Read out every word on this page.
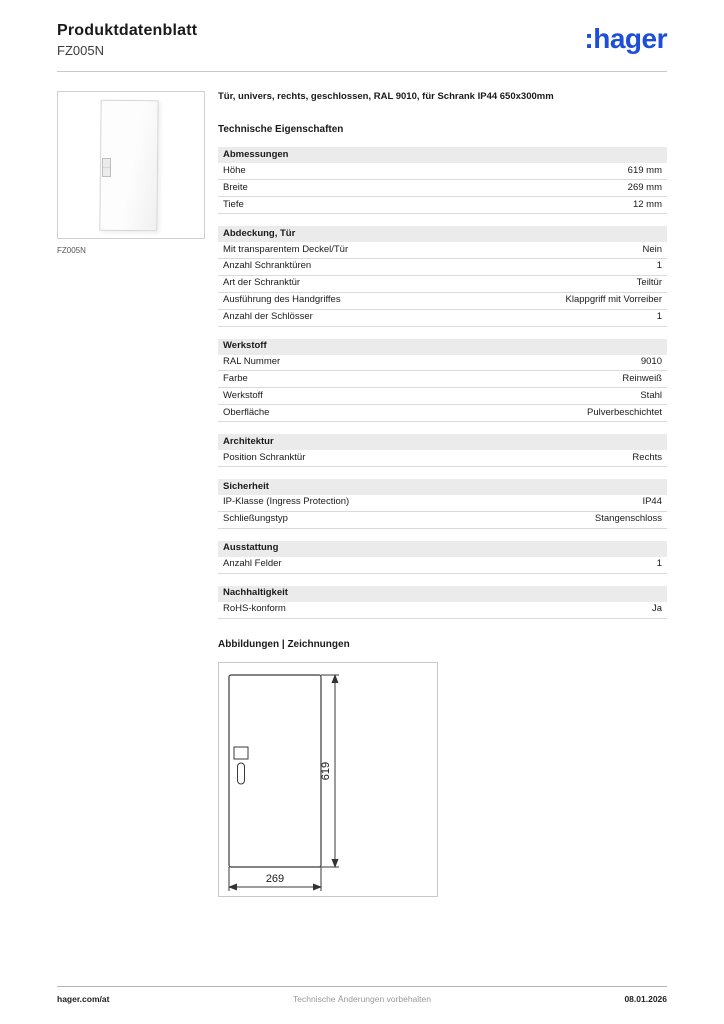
Produktdatenblatt
FZ005N	:hager
FZ005N

Tür, univers, rechts, geschlossen, RAL 9010, für Schrank IP44 650x300mm

Technische Eigenschaften
Abmessungen
Höhe	619 mm
Breite	269 mm
Tiefe	12 mm
Abdeckung, Tür
Mit transparentem Deckel/Tür	Nein
Anzahl Schranktüren	1
Art der Schranktür	Teiltür
Ausführung des Handgriffes	Klappgriff mit Vorreiber
Anzahl der Schlösser	1
Werkstoff
RAL Nummer	9010
Farbe	Reinweiß
Werkstoff	Stahl
Oberfläche	Pulverbeschichtet
Architektur
Position Schranktür	Rechts
Sicherheit
IP-Klasse (Ingress Protection)	IP44
Schließungstyp	Stangenschloss
Ausstattung
Anzahl Felder	1
Nachhaltigkeit
RoHS-konform	Ja
Abbildungen | Zeichnungen
619
269
hager.com/at	Technische Änderungen vorbehalten	08.01.2026
